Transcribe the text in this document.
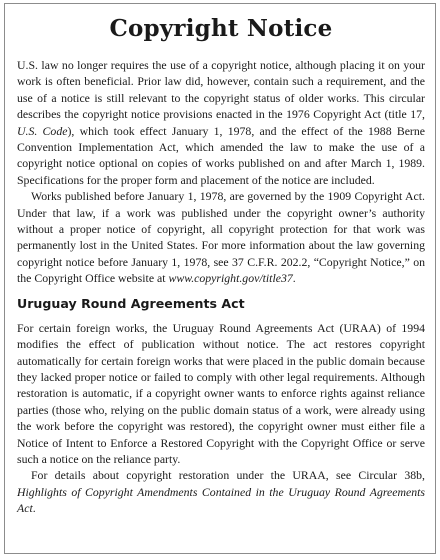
Copyright Notice

U.S. law no longer requires the use of a copyright notice, although placing it on your work is often beneficial. Prior law did, however, contain such a requirement, and the use of a notice is still relevant to the copyright status of older works. This circular describes the copyright notice provisions enacted in the 1976 Copyright Act (title 17, U.S. Code), which took effect January 1, 1978, and the effect of the 1988 Berne Convention Implementation Act, which amended the law to make the use of a copyright notice optional on copies of works published on and after March 1, 1989. Specifications for the proper form and placement of the notice are included.

Works published before January 1, 1978, are governed by the 1909 Copyright Act. Under that law, if a work was published under the copyright owner’s authority without a proper notice of copyright, all copyright protection for that work was permanently lost in the United States. For more information about the law governing copyright notice before January 1, 1978, see 37 C.F.R. 202.2, “Copyright Notice,” on the Copyright Office website at www.copyright.gov/title37.

Uruguay Round Agreements Act

For certain foreign works, the Uruguay Round Agreements Act (URAA) of 1994 modifies the effect of publication without notice. The act restores copyright automatically for certain foreign works that were placed in the public domain because they lacked proper notice or failed to comply with other legal requirements. Although restoration is automatic, if a copyright owner wants to enforce rights against reliance parties (those who, relying on the public domain status of a work, were already using the work before the copyright was restored), the copyright owner must either file a Notice of Intent to Enforce a Restored Copyright with the Copyright Office or serve such a notice on the reliance party.

For details about copyright restoration under the URAA, see Circular 38b, Highlights of Copyright Amendments Contained in the Uruguay Round Agreements Act.
